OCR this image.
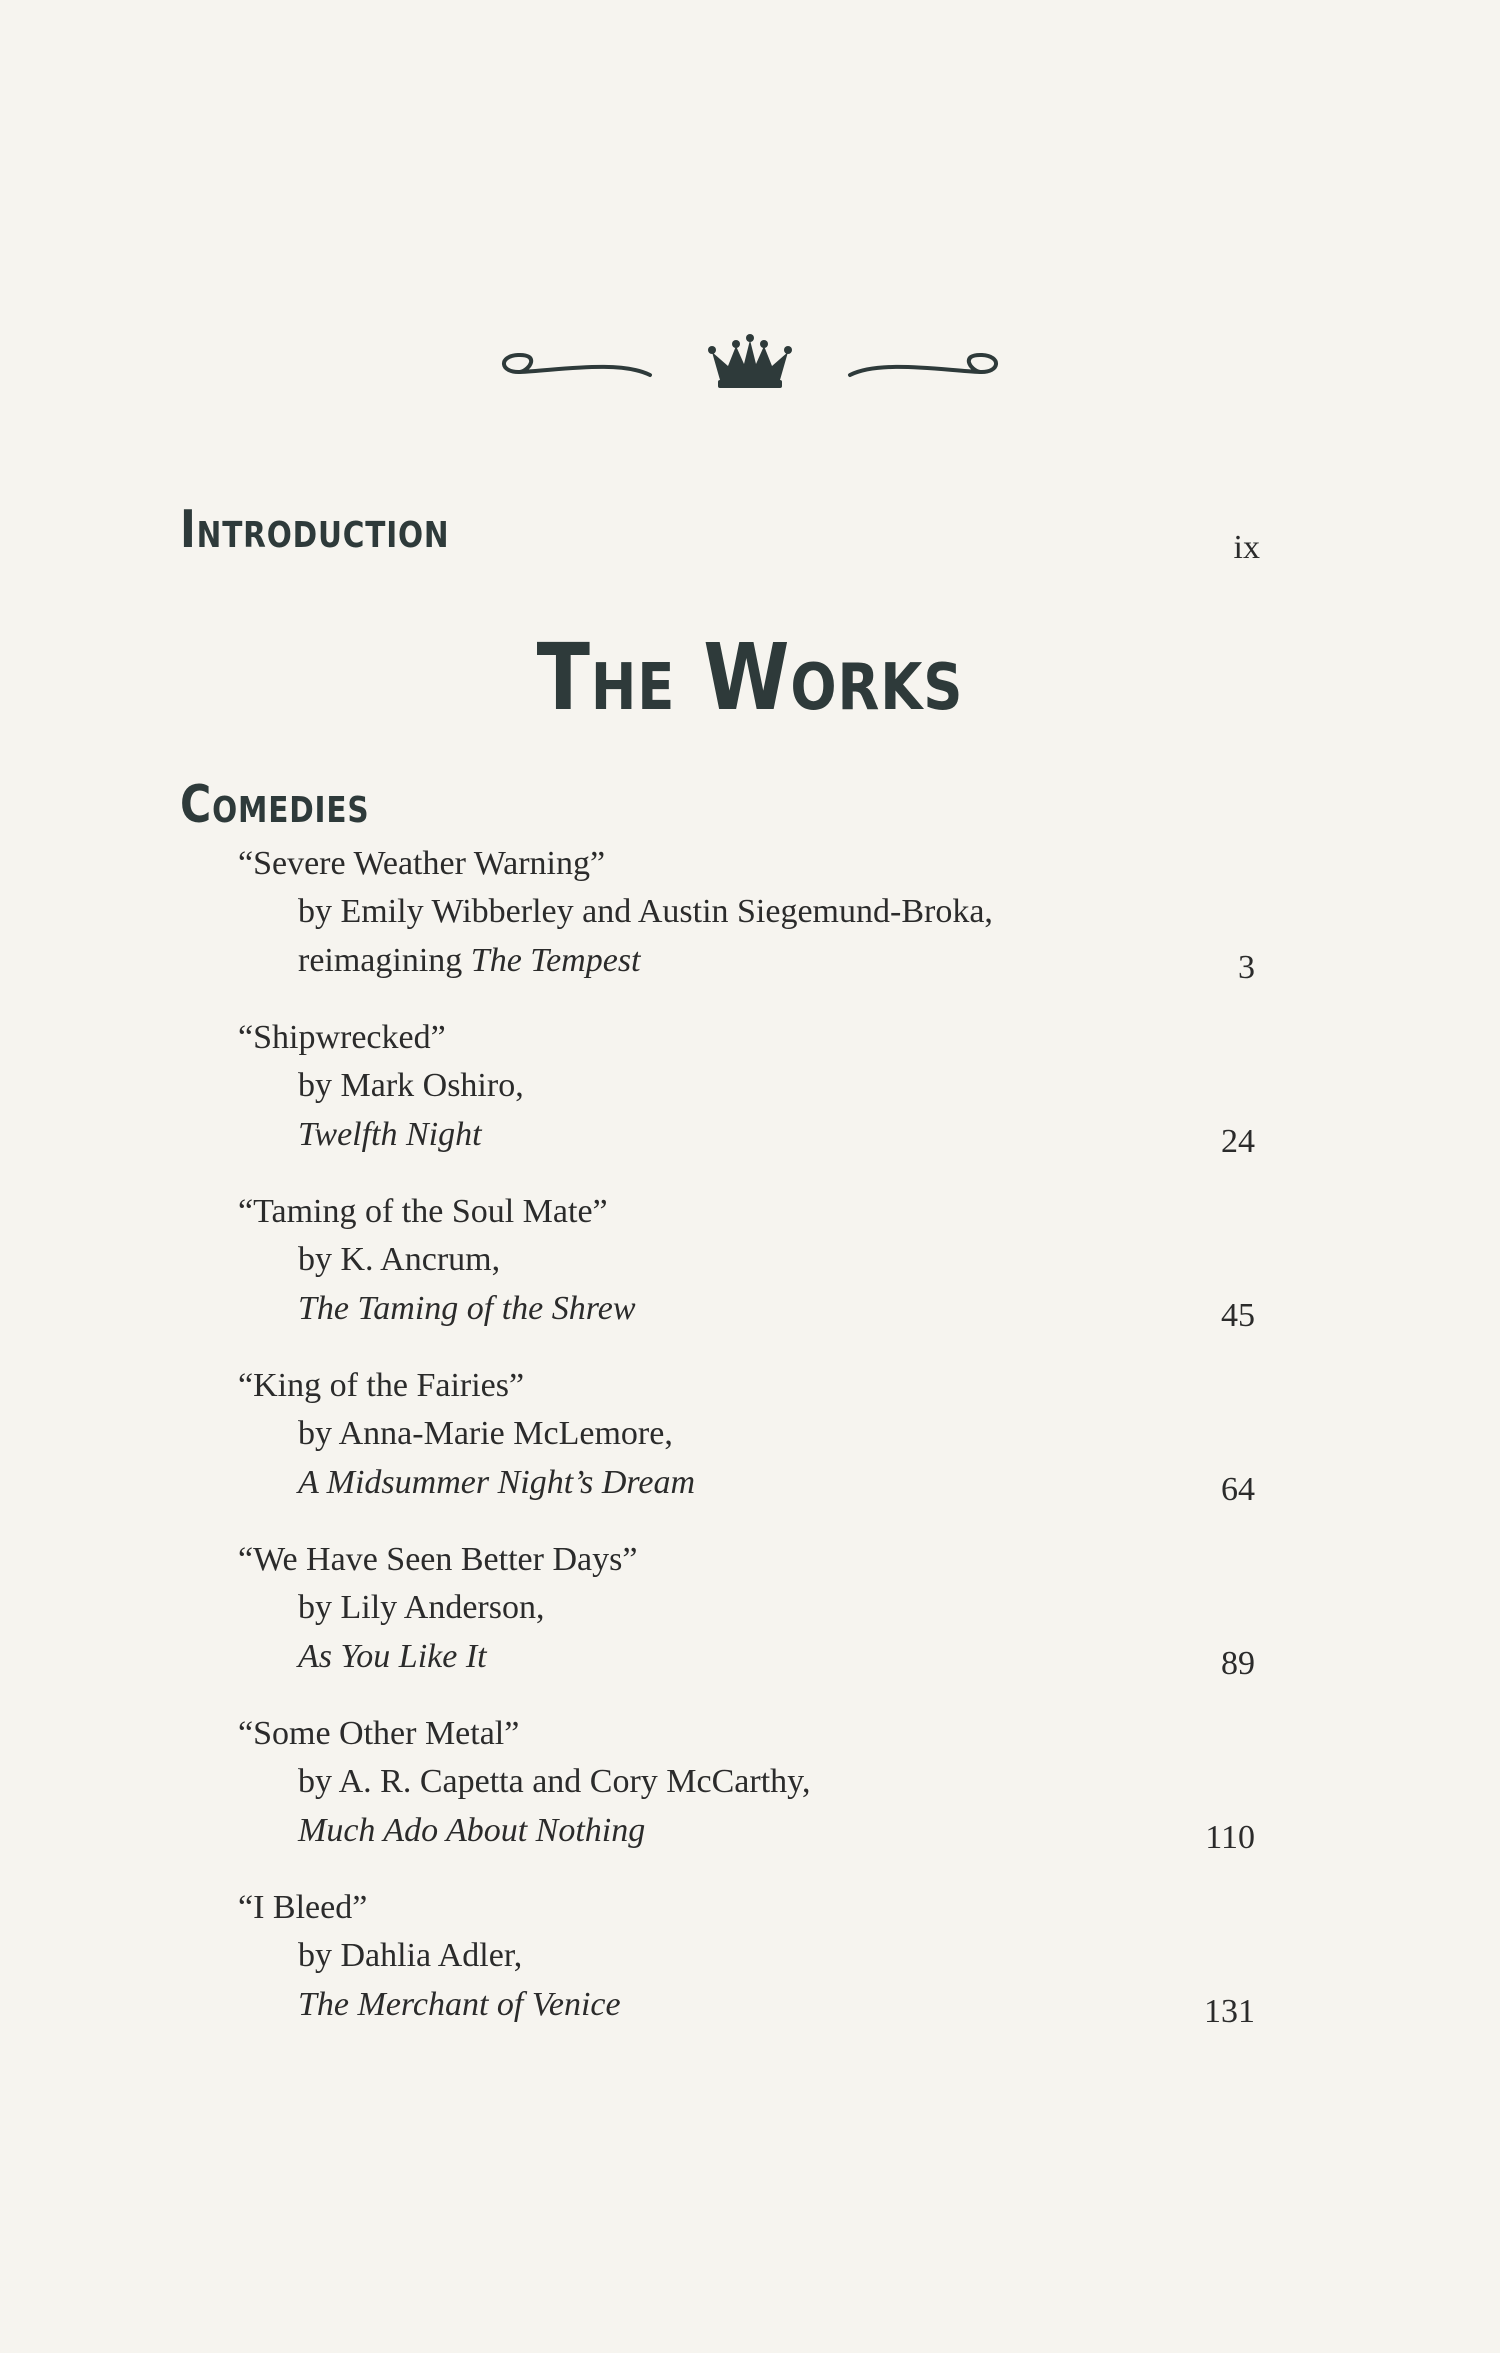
Introduction	ix
The Works
Comedies
“Severe Weather Warning”
by Emily Wibberley and Austin Siegemund-Broka,
reimagining The Tempest	3
“Shipwrecked”
by Mark Oshiro,
Twelfth Night	24
“Taming of the Soul Mate”
by K. Ancrum,
The Taming of the Shrew	45
“King of the Fairies”
by Anna-Marie McLemore,
A Midsummer Night’s Dream	64
“We Have Seen Better Days”
by Lily Anderson,
As You Like It	89
“Some Other Metal”
by A. R. Capetta and Cory McCarthy,
Much Ado About Nothing	110
“I Bleed”
by Dahlia Adler,
The Merchant of Venice	131
